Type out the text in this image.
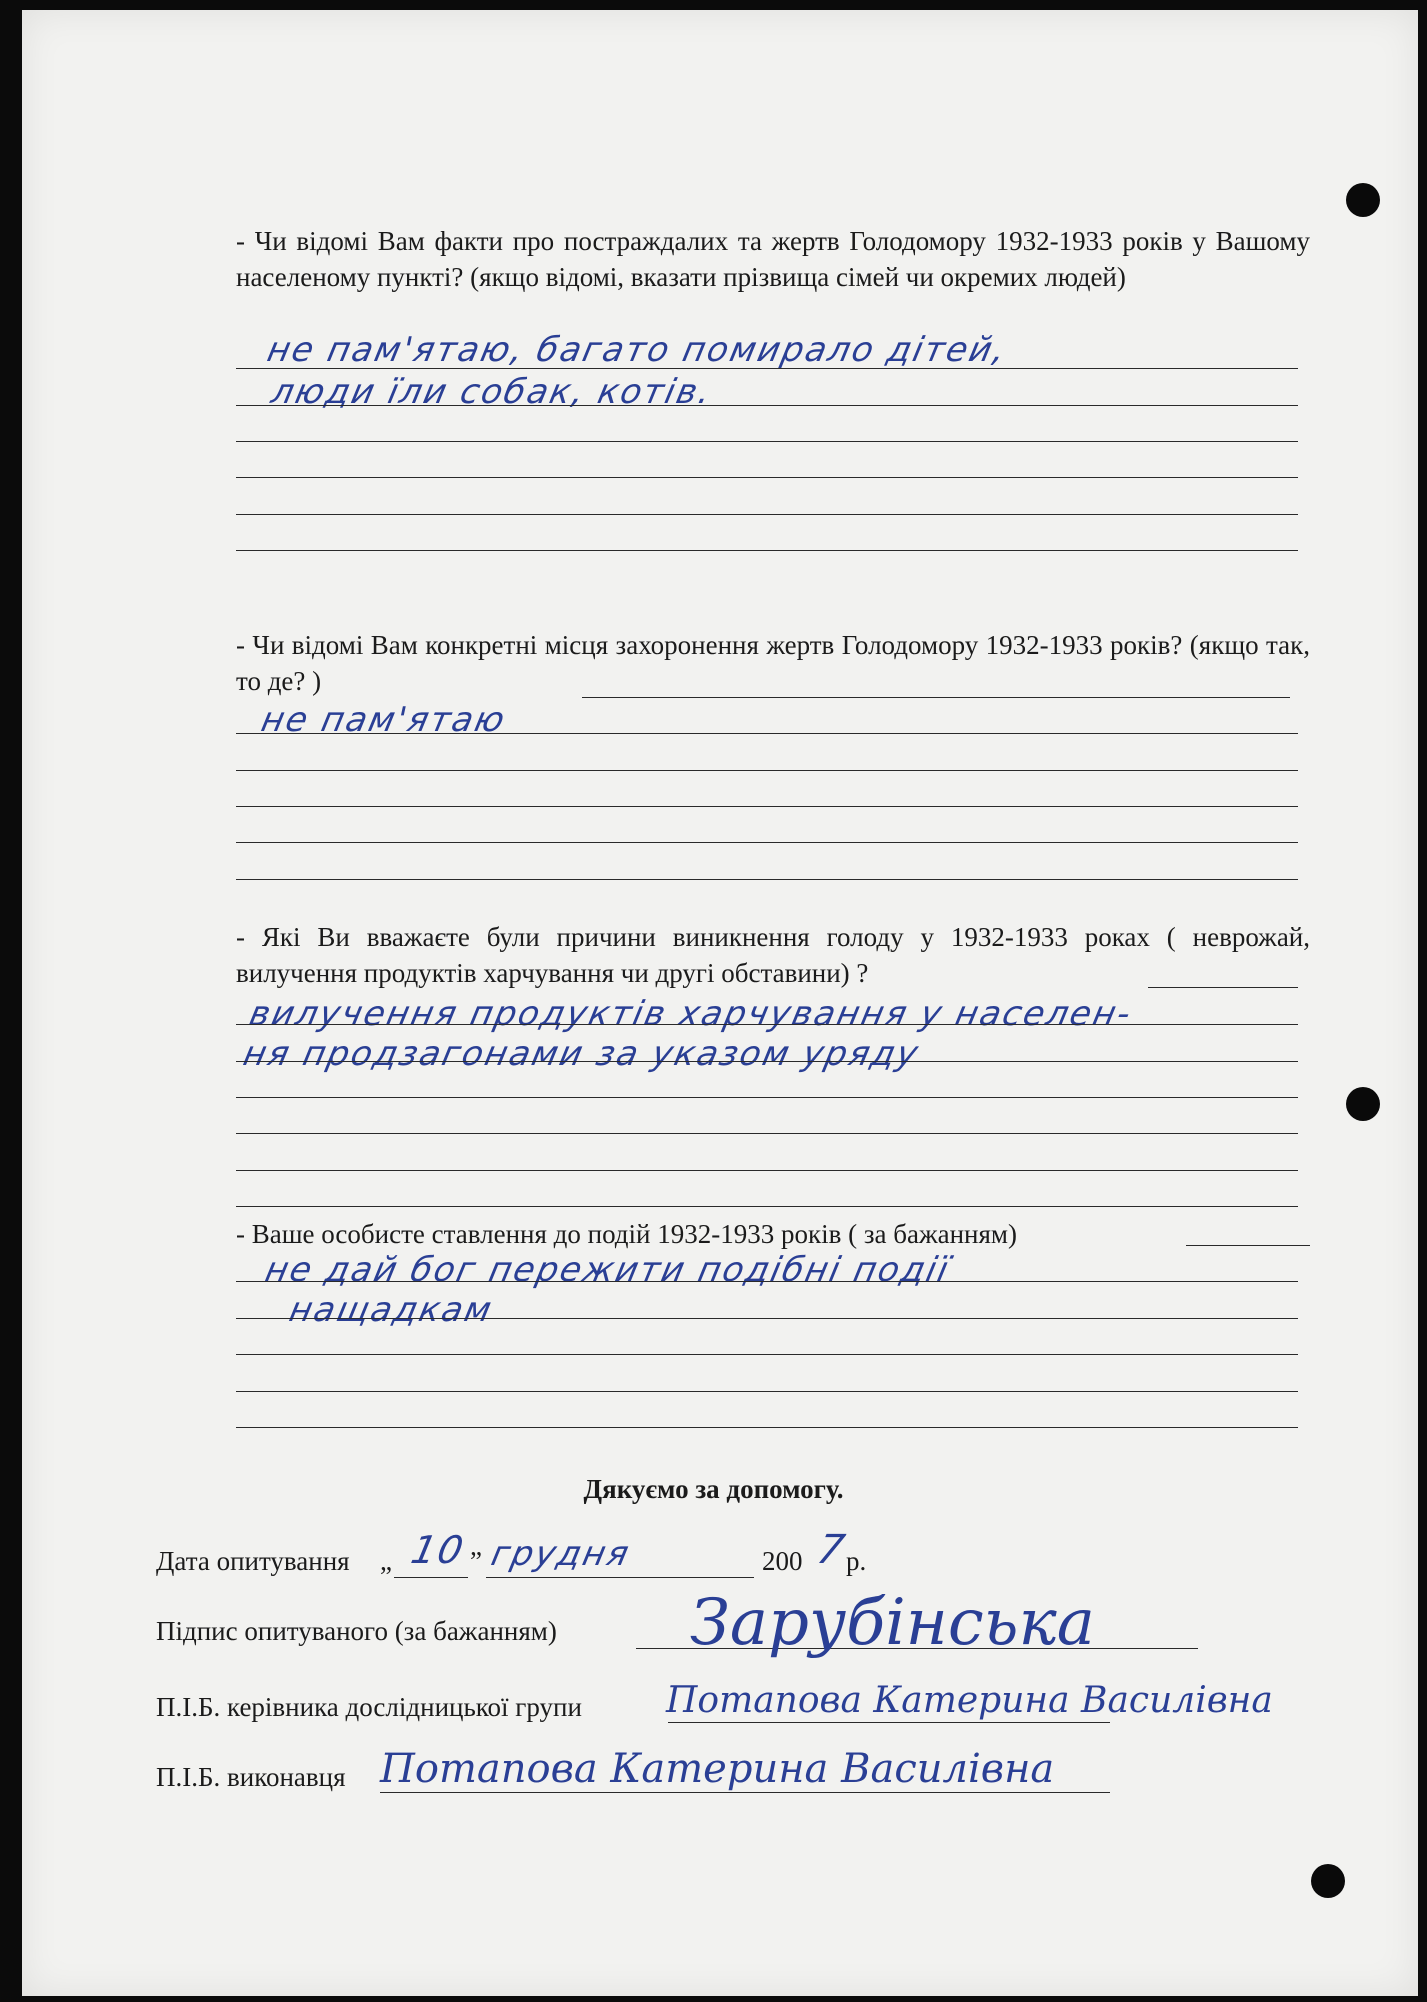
- Чи відомі Вам факти про постраждалих та жертв Голодомору 1932-1933 років у Вашому населеному пункті? (якщо відомі, вказати прізвища сімей чи окремих людей)
не пам'ятаю, багато помирало дітей,
люди їли собак, котів.
- Чи відомі Вам конкретні місця захоронення жертв Голодомору 1932-1933 років? (якщо так, то де? )
не пам'ятаю
- Які Ви вважаєте були причини виникнення голоду у 1932-1933 роках ( неврожай, вилучення продуктів харчування чи другі обставини) ?
вилучення продуктів харчування у населен-
ня продзагонами за указом уряду
- Ваше особисте ставлення до подій 1932-1933 років ( за бажанням)
не дай бог пережити подібні події
нащадкам
Дякуємо за допомогу.
Дата опитування „ 10 ” грудня	200 7
р.
Підпис опитуваного (за бажанням) Зарубінська
П.І.Б. керівника дослідницької групи Потапова Катерина Василівна
П.І.Б. виконавця Потапова Катерина Василівна
